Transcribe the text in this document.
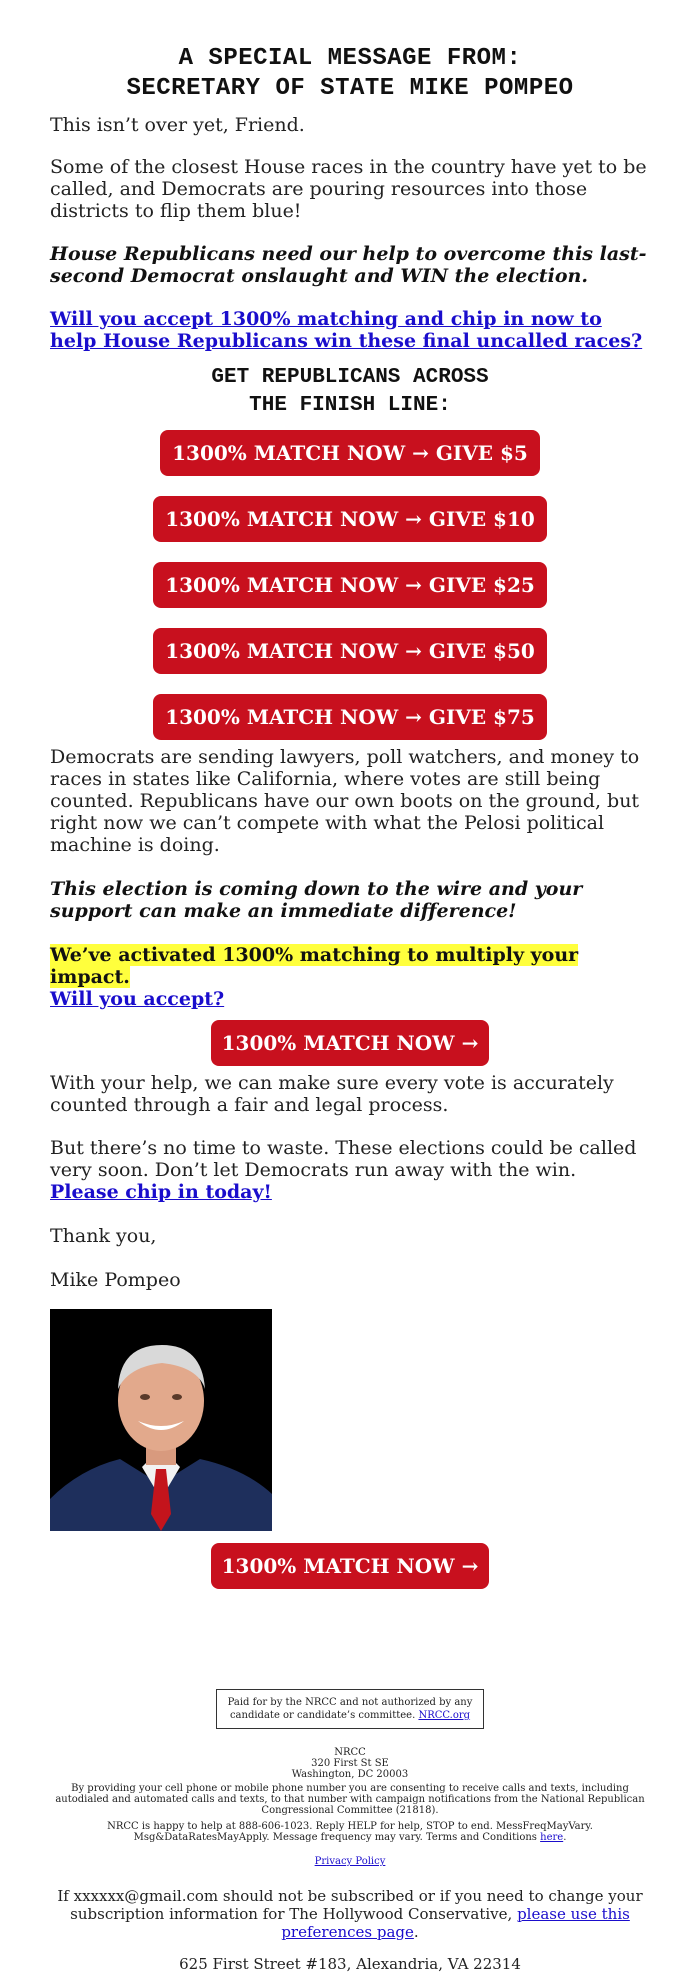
A SPECIAL MESSAGE FROM:
SECRETARY OF STATE MIKE POMPEO

This isn’t over yet, Friend.

Some of the closest House races in the country have yet to be called, and Democrats are pouring resources into those districts to flip them blue!

House Republicans need our help to overcome this last-second Democrat onslaught and WIN the election.

Will you accept 1300% matching and chip in now to help House Republicans win these final uncalled races?

GET REPUBLICANS ACROSS
THE FINISH LINE:
1300% MATCH NOW → GIVE $5
1300% MATCH NOW → GIVE $10
1300% MATCH NOW → GIVE $25
1300% MATCH NOW → GIVE $50
1300% MATCH NOW → GIVE $75

Democrats are sending lawyers, poll watchers, and money to races in states like California, where votes are still being counted. Republicans have our own boots on the ground, but right now we can’t compete with what the Pelosi political machine is doing.

This election is coming down to the wire and your support can make an immediate difference!

We’ve activated 1300% matching to multiply your impact.
Will you accept?

1300% MATCH NOW →

With your help, we can make sure every vote is accurately counted through a fair and legal process.

But there’s no time to waste. These elections could be called very soon. Don’t let Democrats run away with the win. Please chip in today!

Thank you,

Mike Pompeo

1300% MATCH NOW →
Paid for by the NRCC and not authorized by any candidate or candidate’s committee. NRCC.org

NRCC

320 First St SE

Washington, DC 20003

By providing your cell phone or mobile phone number you are consenting to receive calls and texts, including autodialed and automated calls and texts, to that number with campaign notifications from the National Republican Congressional Committee (21818).

NRCC is happy to help at 888-606-1023. Reply HELP for help, STOP to end. MessFreqMayVary. Msg&DataRatesMayApply. Message frequency may vary. Terms and Conditions here.

Privacy Policy

If xxxxxx@gmail.com should not be subscribed or if you need to change your subscription information for The Hollywood Conservative, please use this preferences page.

625 First Street #183, Alexandria, VA 22314
